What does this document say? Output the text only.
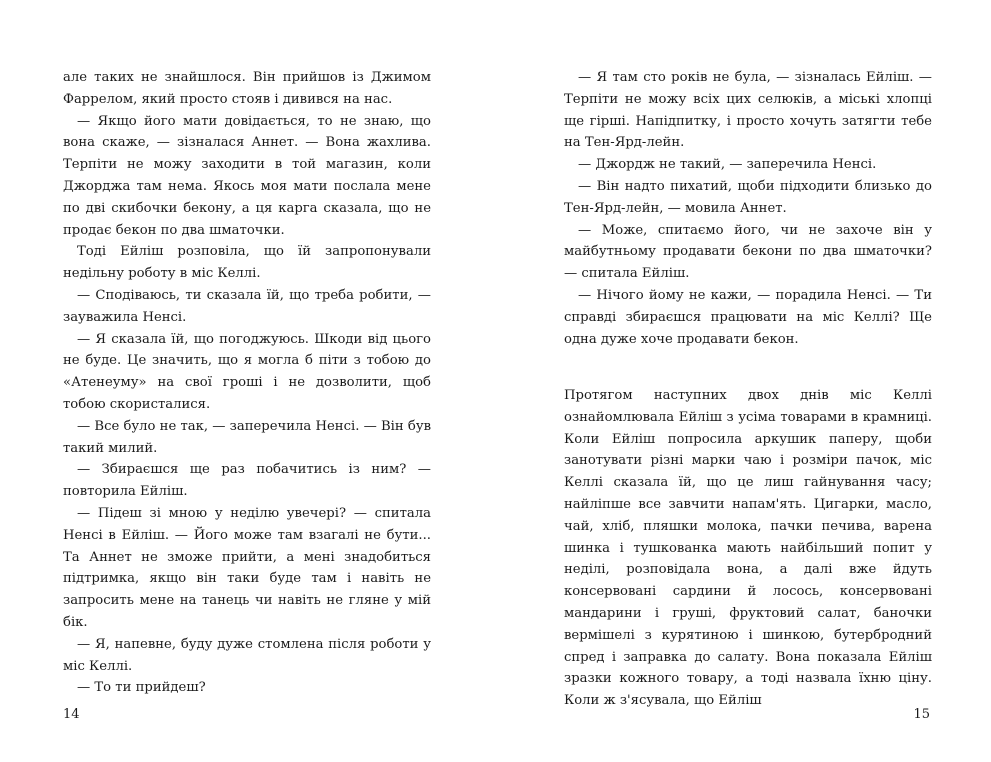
але таких не знайшлося. Він прийшов із Джимом Фаррелом, який просто стояв і дивився на нас.

— Якщо його мати довідається, то не знаю, що вона скаже, — зізналася Аннет. — Вона жахлива. Терпіти не можу заходити в той магазин, коли Джорджа там нема. Якось моя мати послала мене по дві скибочки бекону, а ця карга сказала, що не продає бекон по два шматочки.

Тоді Ейліш розповіла, що їй запропонували недільну роботу в міс Келлі.

— Сподіваюсь, ти сказала їй, що треба робити, — зауважила Ненсі.

— Я сказала їй, що погоджуюсь. Шкоди від цього не буде. Це значить, що я могла б піти з тобою до «Атенеуму» на свої гроші і не дозволити, щоб тобою скористалися.

— Все було не так, — заперечила Ненсі. — Він був такий милий.

— Збираєшся ще раз побачитись із ним? — повторила Ейліш.

— Підеш зі мною у неділю увечері? — спитала Ненсі в Ейліш. — Його може там взагалі не бути... Та Аннет не зможе прийти, а мені знадобиться підтримка, якщо він таки буде там і навіть не запросить мене на танець чи навіть не гляне у мій бік.

— Я, напевне, буду дуже стомлена після роботи у міс Келлі.

— То ти прийдеш?

14

— Я там сто років не була, — зізналась Ейліш. — Терпіти не можу всіх цих селюків, а міські хлопці ще гірші. Напідпитку, і просто хочуть затягти тебе на Тен-Ярд-лейн.

— Джордж не такий, — заперечила Ненсі.

— Він надто пихатий, щоби підходити близько до Тен-Ярд-лейн, — мовила Аннет.

— Може, спитаємо його, чи не захоче він у майбутньому продавати бекони по два шматочки? — спитала Ейліш.

— Нічого йому не кажи, — порадила Ненсі. — Ти справді збираєшся працювати на міс Келлі? Ще одна дуже хоче продавати бекон.

Протягом наступних двох днів міс Келлі ознайомлювала Ейліш з усіма товарами в крамниці. Коли Ейліш попросила аркушик паперу, щоби занотувати різні марки чаю і розміри пачок, міс Келлі сказала їй, що це лиш гайнування часу; найліпше все завчити напам'ять. Цигарки, масло, чай, хліб, пляшки молока, пачки печива, варена шинка і тушкованка мають найбільший попит у неділі, розповідала вона, а далі вже йдуть консервовані сардини й лосось, консервовані мандарини і груші, фруктовий салат, баночки вермішелі з курятиною і шинкою, бутербродний спред і заправка до салату. Вона показала Ейліш зразки кожного товару, а тоді назвала їхню ціну. Коли ж з'ясувала, що Ейліш

15
